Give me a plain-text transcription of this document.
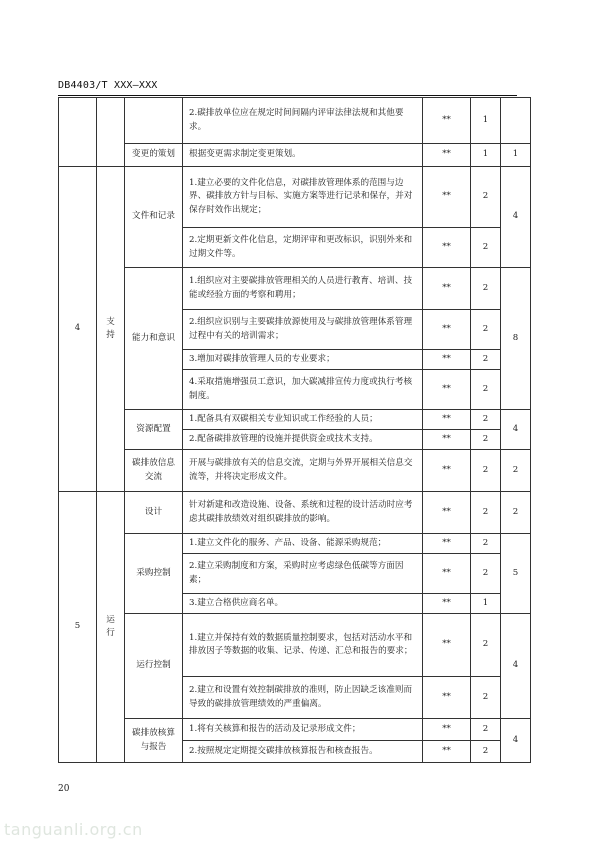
DB4403/T XXX—XXX
			2.碳排放单位应在规定时间间隔内评审法律法规和其他要求。	**	1	
		变更的策划	根据变更需求制定变更策划。	**	1	1
4	支持	文件和记录	1.建立必要的文件化信息，对碳排放管理体系的范围与边界、碳排放方针与目标、实施方案等进行记录和保存，并对保存时效作出规定；	**	2	4
			2.定期更新文件化信息，定期评审和更改标识，识别外来和过期文件等。	**	2	
		能力和意识	1.组织应对主要碳排放管理相关的人员进行教育、培训、技能或经验方面的考察和聘用；	**	2	8
			2.组织应识别与主要碳排放源使用及与碳排放管理体系管理过程中有关的培训需求；	**	2	
			3.增加对碳排放管理人员的专业要求；	**	2	
			4.采取措施增强员工意识，加大碳减排宣传力度或执行考核制度。	**	2	
		资源配置	1.配备具有双碳相关专业知识或工作经验的人员；	**	2	4
			2.配备碳排放管理的设施并提供资金或技术支持。	**	2	
		碳排放信息交流	开展与碳排放有关的信息交流，定期与外界开展相关信息交流等，并将决定形成文件。	**	2	2
5	运行	设计	针对新建和改造设施、设备、系统和过程的设计活动时应考虑其碳排放绩效对组织碳排放的影响。	**	2	2
		采购控制	1.建立文件化的服务、产品、设备、能源采购规范；	**	2	5
			2.建立采购制度和方案，采购时应考虑绿色低碳等方面因素；	**	2	
			3.建立合格供应商名单。	**	1	
		运行控制	1.建立并保持有效的数据质量控制要求，包括对活动水平和排放因子等数据的收集、记录、传递、汇总和报告的要求；	**	2	4
			2.建立和设置有效控制碳排放的准则，防止因缺乏该准则而导致的碳排放管理绩效的严重偏离。	**	2	
		碳排放核算与报告	1.将有关核算和报告的活动及记录形成文件；	**	2	4
			2.按照规定定期提交碳排放核算报告和核查报告。	**	2	
20
tanguanli.org.cn
